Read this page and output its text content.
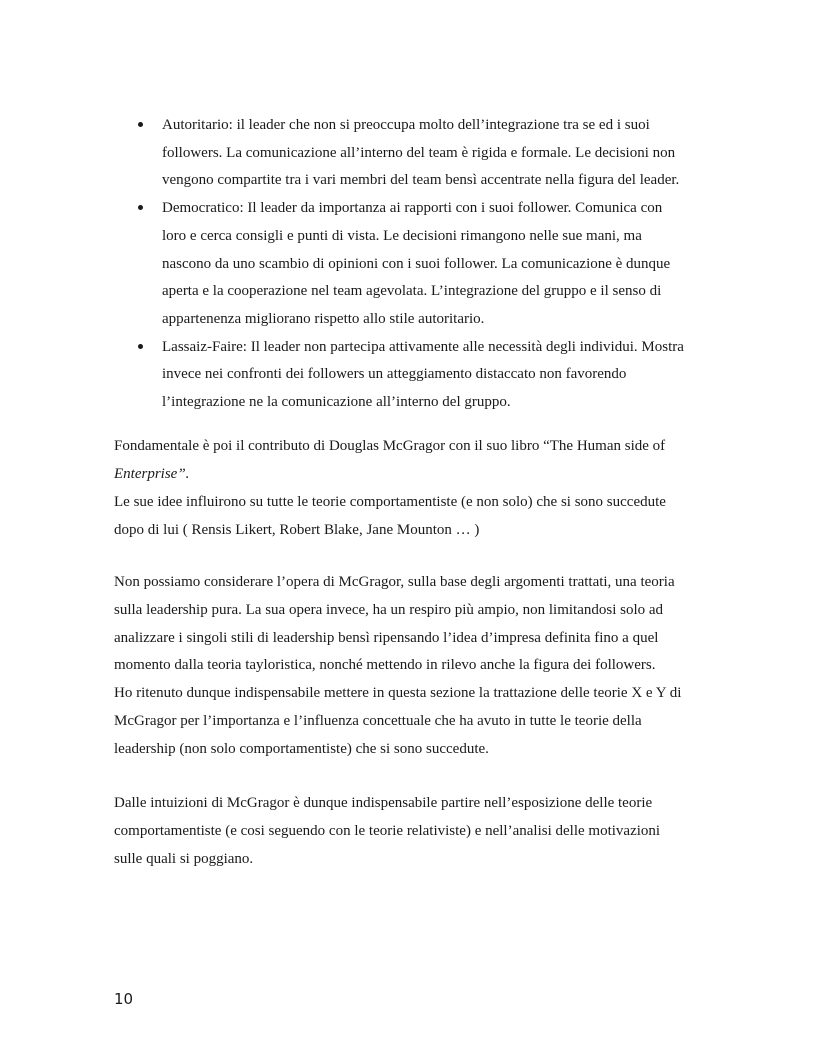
Autoritario: il leader che non si preoccupa molto dell’integrazione tra se ed i suoi
followers. La comunicazione all’interno del team è rigida e formale. Le decisioni non
vengono compartite tra i vari membri del team bensì accentrate nella figura del leader.
Democratico: Il leader da importanza ai rapporti con i suoi follower. Comunica con
loro e cerca consigli e punti di vista. Le decisioni rimangono nelle sue mani, ma
nascono da uno scambio di opinioni con i suoi follower. La comunicazione è dunque
aperta e la cooperazione nel team agevolata. L’integrazione del gruppo e il senso di
appartenenza migliorano rispetto allo stile autoritario.
Lassaiz-Faire: Il leader non partecipa attivamente alle necessità degli individui. Mostra
invece nei confronti dei followers un atteggiamento distaccato non favorendo
l’integrazione ne la comunicazione all’interno del gruppo.
Fondamentale è poi il contributo di Douglas McGragor con il suo libro “The Human side of
Enterprise”.
Le sue idee influirono su tutte le teorie comportamentiste (e non solo) che si sono succedute
dopo di lui ( Rensis Likert, Robert Blake, Jane Mounton … )
Non possiamo considerare l’opera di McGragor, sulla base degli argomenti trattati, una teoria
sulla leadership pura. La sua opera invece, ha un respiro più ampio, non limitandosi solo ad
analizzare i singoli stili di leadership bensì ripensando l’idea d’impresa definita fino a quel
momento dalla teoria tayloristica, nonché mettendo in rilevo anche la figura dei followers.
Ho ritenuto dunque indispensabile mettere in questa sezione la trattazione delle teorie X e Y di
McGragor per l’importanza e l’influenza concettuale che ha avuto in tutte le teorie della
leadership (non solo comportamentiste) che si sono succedute.
Dalle intuizioni di McGragor è dunque indispensabile partire nell’esposizione delle teorie
comportamentiste (e cosi seguendo con le teorie relativiste) e nell’analisi delle motivazioni
sulle quali si poggiano.
10
